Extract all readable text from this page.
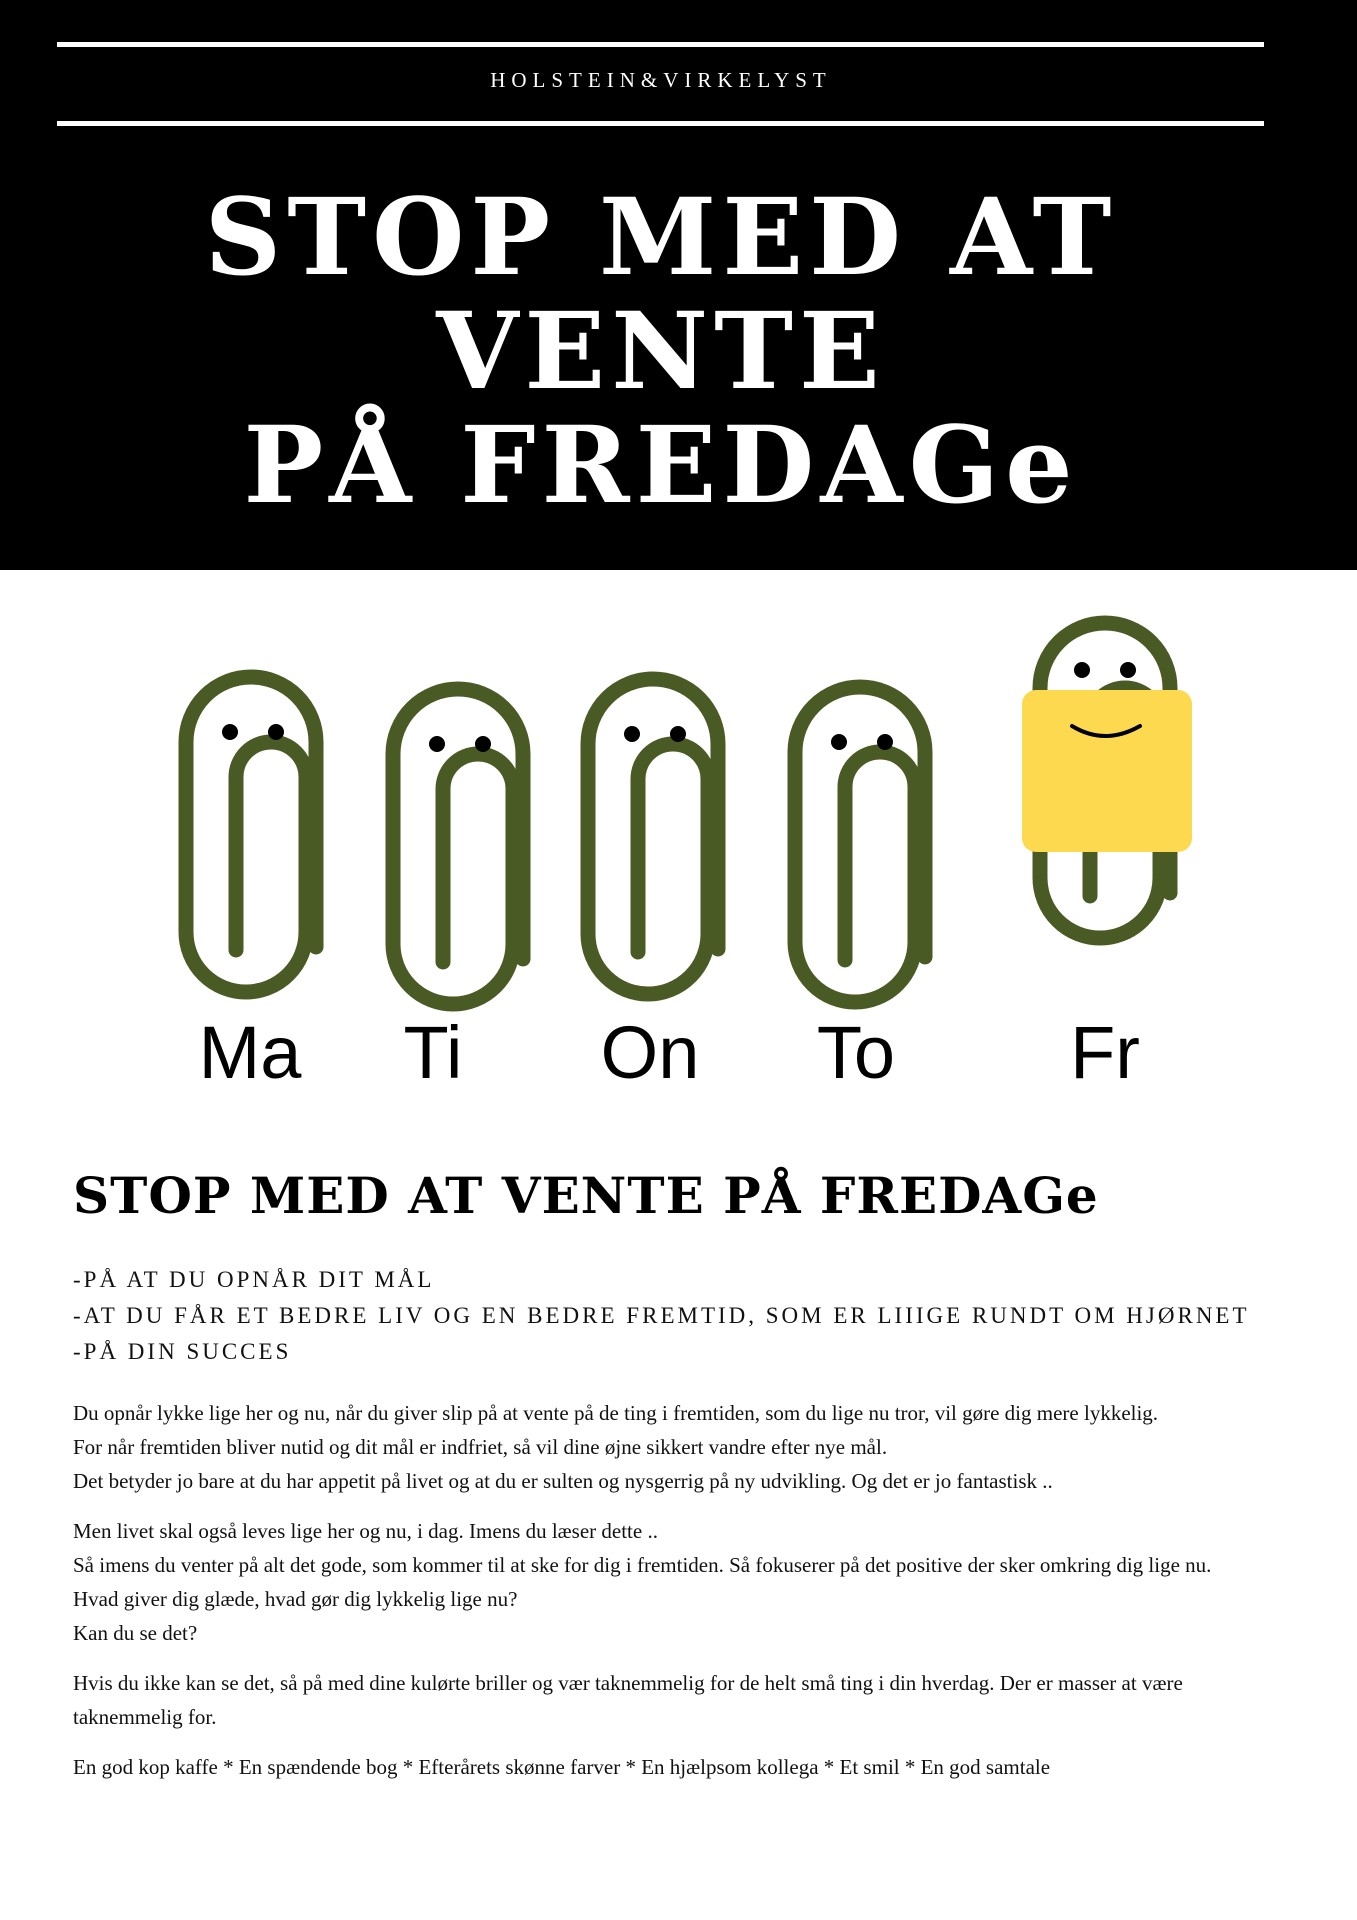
HOLSTEIN&VIRKELYST
STOP MED AT VENTE
PÅ FREDAGe
Ma Ti On To Fr
STOP MED AT VENTE PÅ FREDAGe
-PÅ AT DU OPNÅR DIT MÅL
-AT DU FÅR ET BEDRE LIV OG EN BEDRE FREMTID, SOM ER LIIIGE RUNDT OM HJØRNET
-PÅ DIN SUCCES

Du opnår lykke lige her og nu, når du giver slip på at vente på de ting i fremtiden, som du lige nu tror, vil gøre dig mere lykkelig.
For når fremtiden bliver nutid og dit mål er indfriet, så vil dine øjne sikkert vandre efter nye mål.
Det betyder jo bare at du har appetit på livet og at du er sulten og nysgerrig på ny udvikling. Og det er jo fantastisk ..

Men livet skal også leves lige her og nu, i dag. Imens du læser dette ..
Så imens du venter på alt det gode, som kommer til at ske for dig i fremtiden. Så fokuserer på det positive der sker omkring dig lige nu.
Hvad giver dig glæde, hvad gør dig lykkelig lige nu?
Kan du se det?

Hvis du ikke kan se det, så på med dine kulørte briller og vær taknemmelig for de helt små ting i din hverdag. Der er masser at være taknemmelig for.

En god kop kaffe * En spændende bog * Efterårets skønne farver * En hjælpsom kollega * Et smil * En god samtale
